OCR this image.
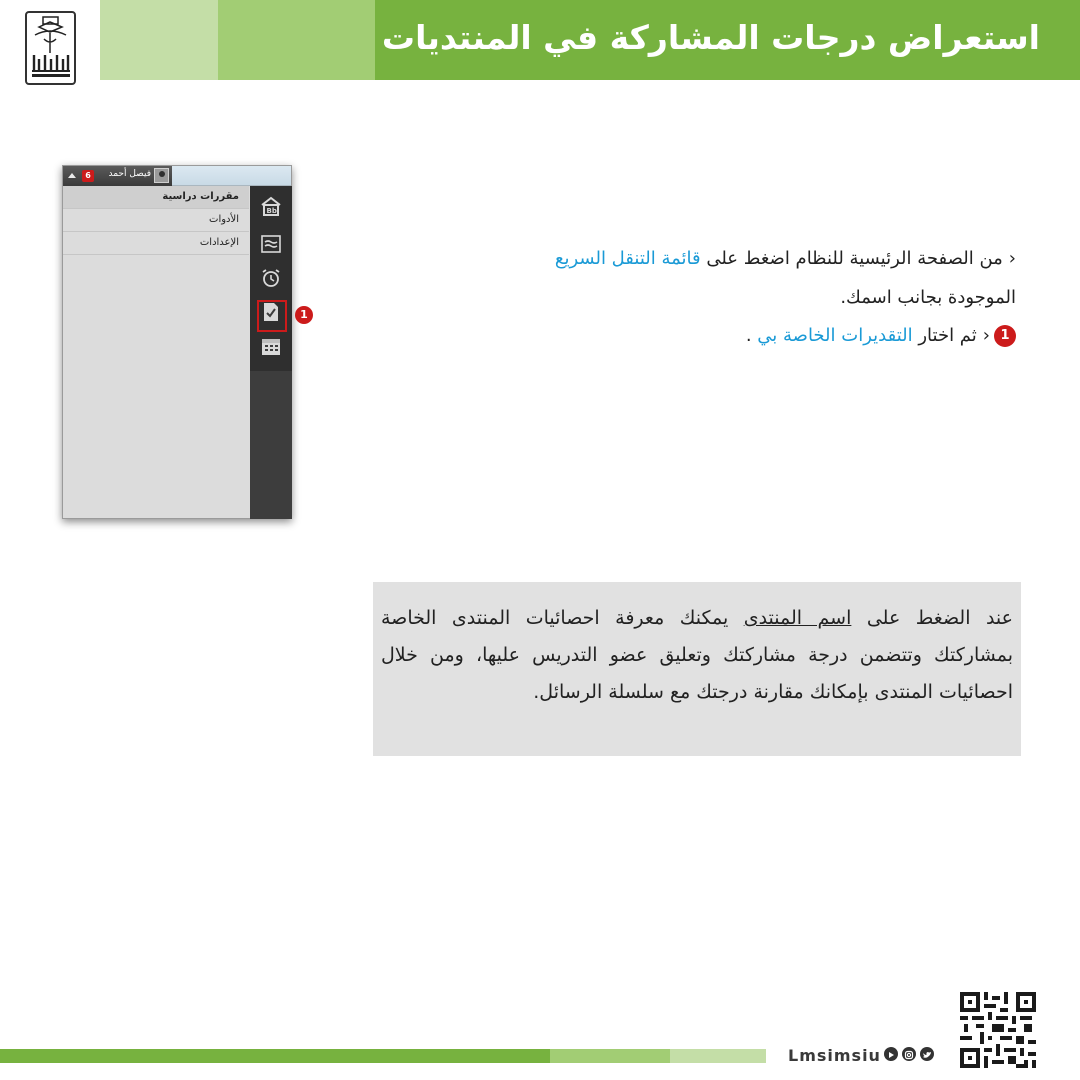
استعراض درجات المشاركة في المنتديات
6	فيصل أحمد
مقررات دراسية
الأدوات
الإعدادات
Bb
1
‹من الصفحة الرئيسية للنظام اضغط على قائمة التنقل السريع
الموجودة بجانب اسمك.
1‹ثم اختار التقديرات الخاصة بي .
عند الضغط على اسم المنتدى يمكنك معرفة احصائيات المنتدى الخاصة بمشاركتك وتتضمن درجة مشاركتك وتعليق عضو التدريس عليها، ومن خلال احصائيات المنتدى بإمكانك مقارنة درجتك مع سلسلة الرسائل.
Lmsimsiu
